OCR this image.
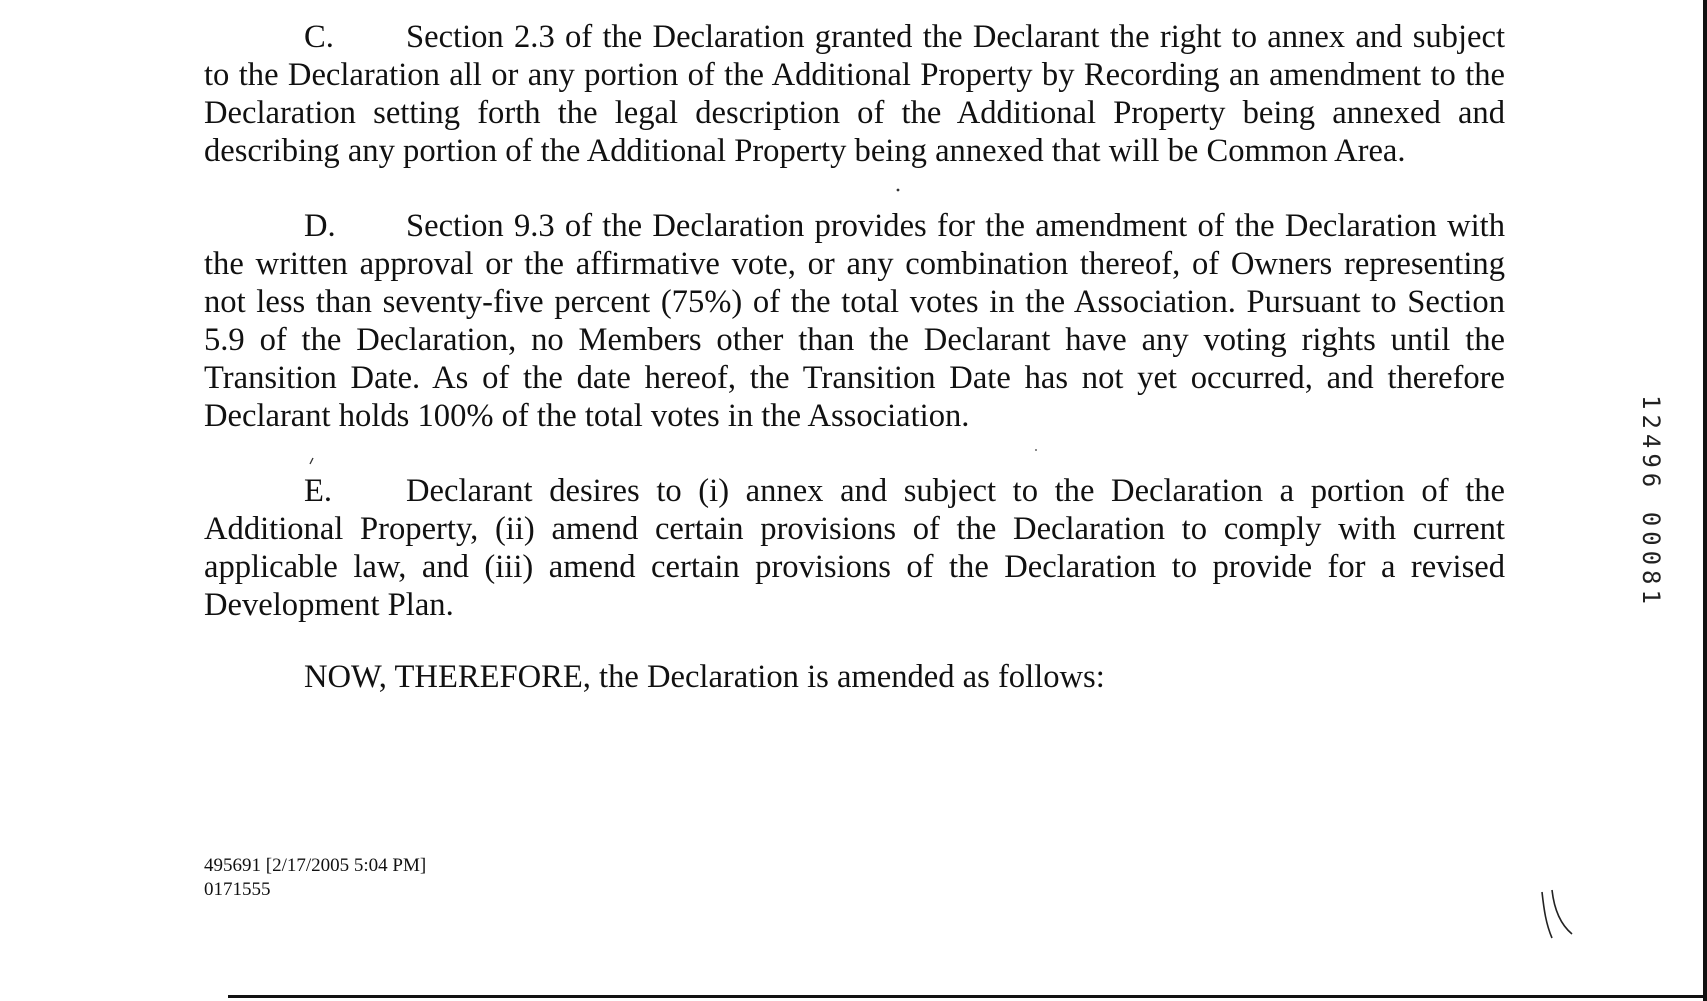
C. Section 2.3 of the Declaration granted the Declarant the right to annex and subject to the Declaration all or any portion of the Additional Property by Recording an amendment to the Declaration setting forth the legal description of the Additional Property being annexed and describing any portion of the Additional Property being annexed that will be Common Area.

D. Section 9.3 of the Declaration provides for the amendment of the Declaration with the written approval or the affirmative vote, or any combination thereof, of Owners representing not less than seventy-five percent (75%) of the total votes in the Association. Pursuant to Section 5.9 of the Declaration, no Members other than the Declarant have any voting rights until the Transition Date. As of the date hereof, the Transition Date has not yet occurred, and therefore Declarant holds 100% of the total votes in the Association.

E. Declarant desires to (i) annex and subject to the Declaration a portion of the Additional Property, (ii) amend certain provisions of the Declaration to comply with current applicable law, and (iii) amend certain provisions of the Declaration to provide for a revised Development Plan.

NOW, THEREFORE, the Declaration is amended as follows:

495691 [2/17/2005 5:04 PM]
0171555
12496 00081
